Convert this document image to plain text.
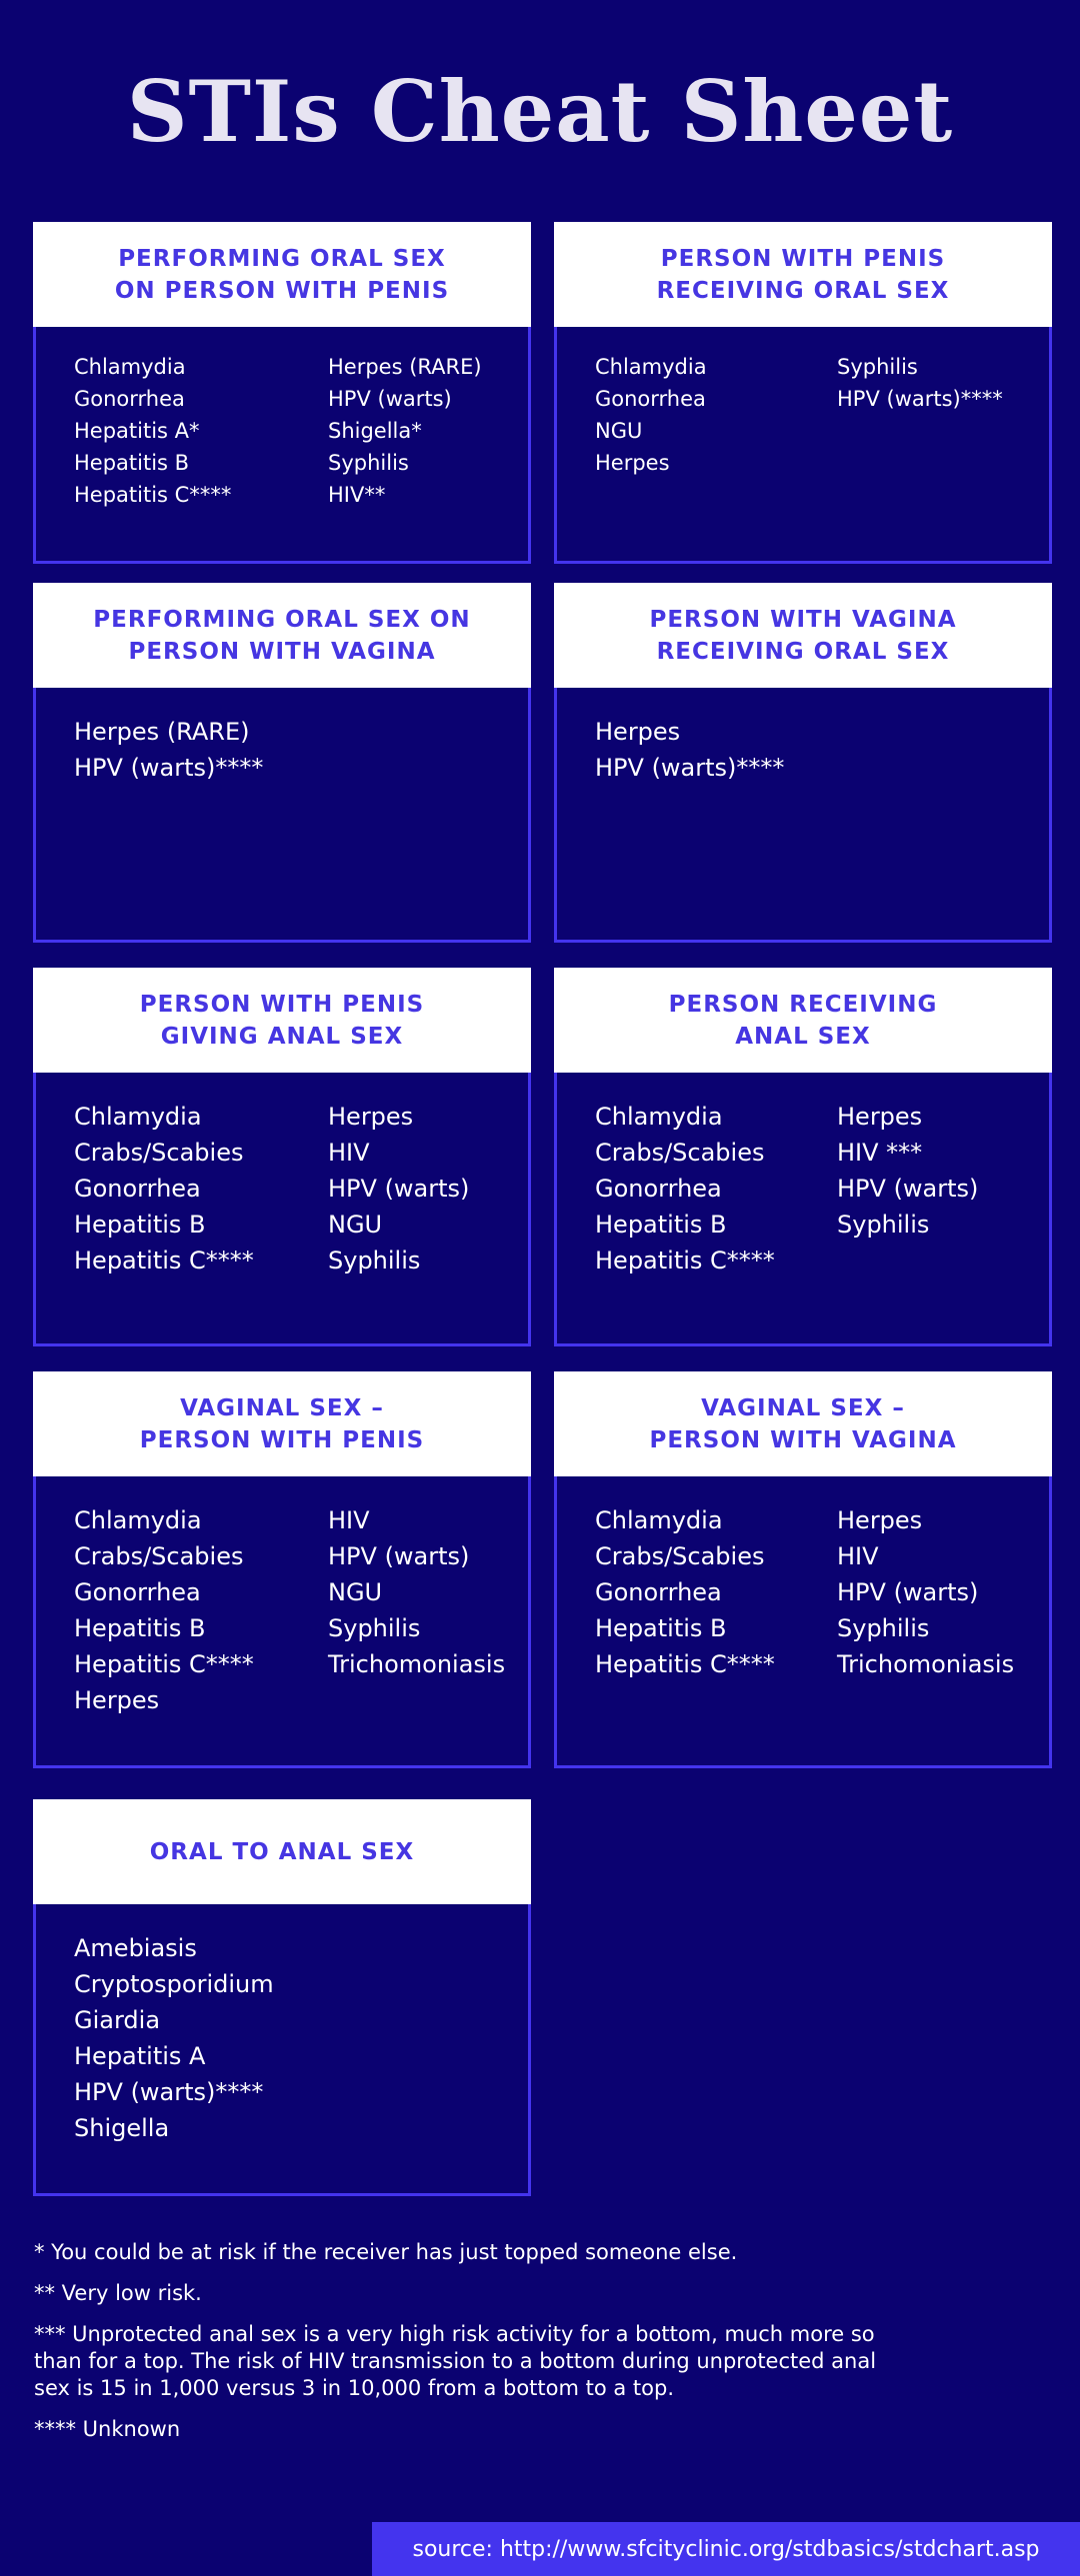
STIs Cheat Sheet
PERFORMING ORAL SEX
ON PERSON WITH PENIS
Chlamydia
Gonorrhea
Hepatitis A*
Hepatitis B
Hepatitis C****
Herpes (RARE)
HPV (warts)
Shigella*
Syphilis
HIV**
PERSON WITH PENIS
RECEIVING ORAL SEX
Chlamydia
Gonorrhea
NGU
Herpes
Syphilis
HPV (warts)****
PERFORMING ORAL SEX ON
PERSON WITH VAGINA
Herpes (RARE)
HPV (warts)****
PERSON WITH VAGINA
RECEIVING ORAL SEX
Herpes
HPV (warts)****
PERSON WITH PENIS
GIVING ANAL SEX
Chlamydia
Crabs/Scabies
Gonorrhea
Hepatitis B
Hepatitis C****
Herpes
HIV
HPV (warts)
NGU
Syphilis
PERSON RECEIVING
ANAL SEX
Chlamydia
Crabs/Scabies
Gonorrhea
Hepatitis B
Hepatitis C****
Herpes
HIV ***
HPV (warts)
Syphilis
VAGINAL SEX –
PERSON WITH PENIS
Chlamydia
Crabs/Scabies
Gonorrhea
Hepatitis B
Hepatitis C****
Herpes
HIV
HPV (warts)
NGU
Syphilis
Trichomoniasis
VAGINAL SEX –
PERSON WITH VAGINA
Chlamydia
Crabs/Scabies
Gonorrhea
Hepatitis B
Hepatitis C****
Herpes
HIV
HPV (warts)
Syphilis
Trichomoniasis
ORAL TO ANAL SEX
Amebiasis
Cryptosporidium
Giardia
Hepatitis A
HPV (warts)****
Shigella
* You could be at risk if the receiver has just topped someone else.
** Very low risk.
*** Unprotected anal sex is a very high risk activity for a bottom, much more so than for a top. The risk of HIV transmission to a bottom during unprotected anal sex is 15 in 1,000 versus 3 in 10,000 from a bottom to a top.
**** Unknown
source: http://www.sfcityclinic.org/stdbasics/stdchart.asp
